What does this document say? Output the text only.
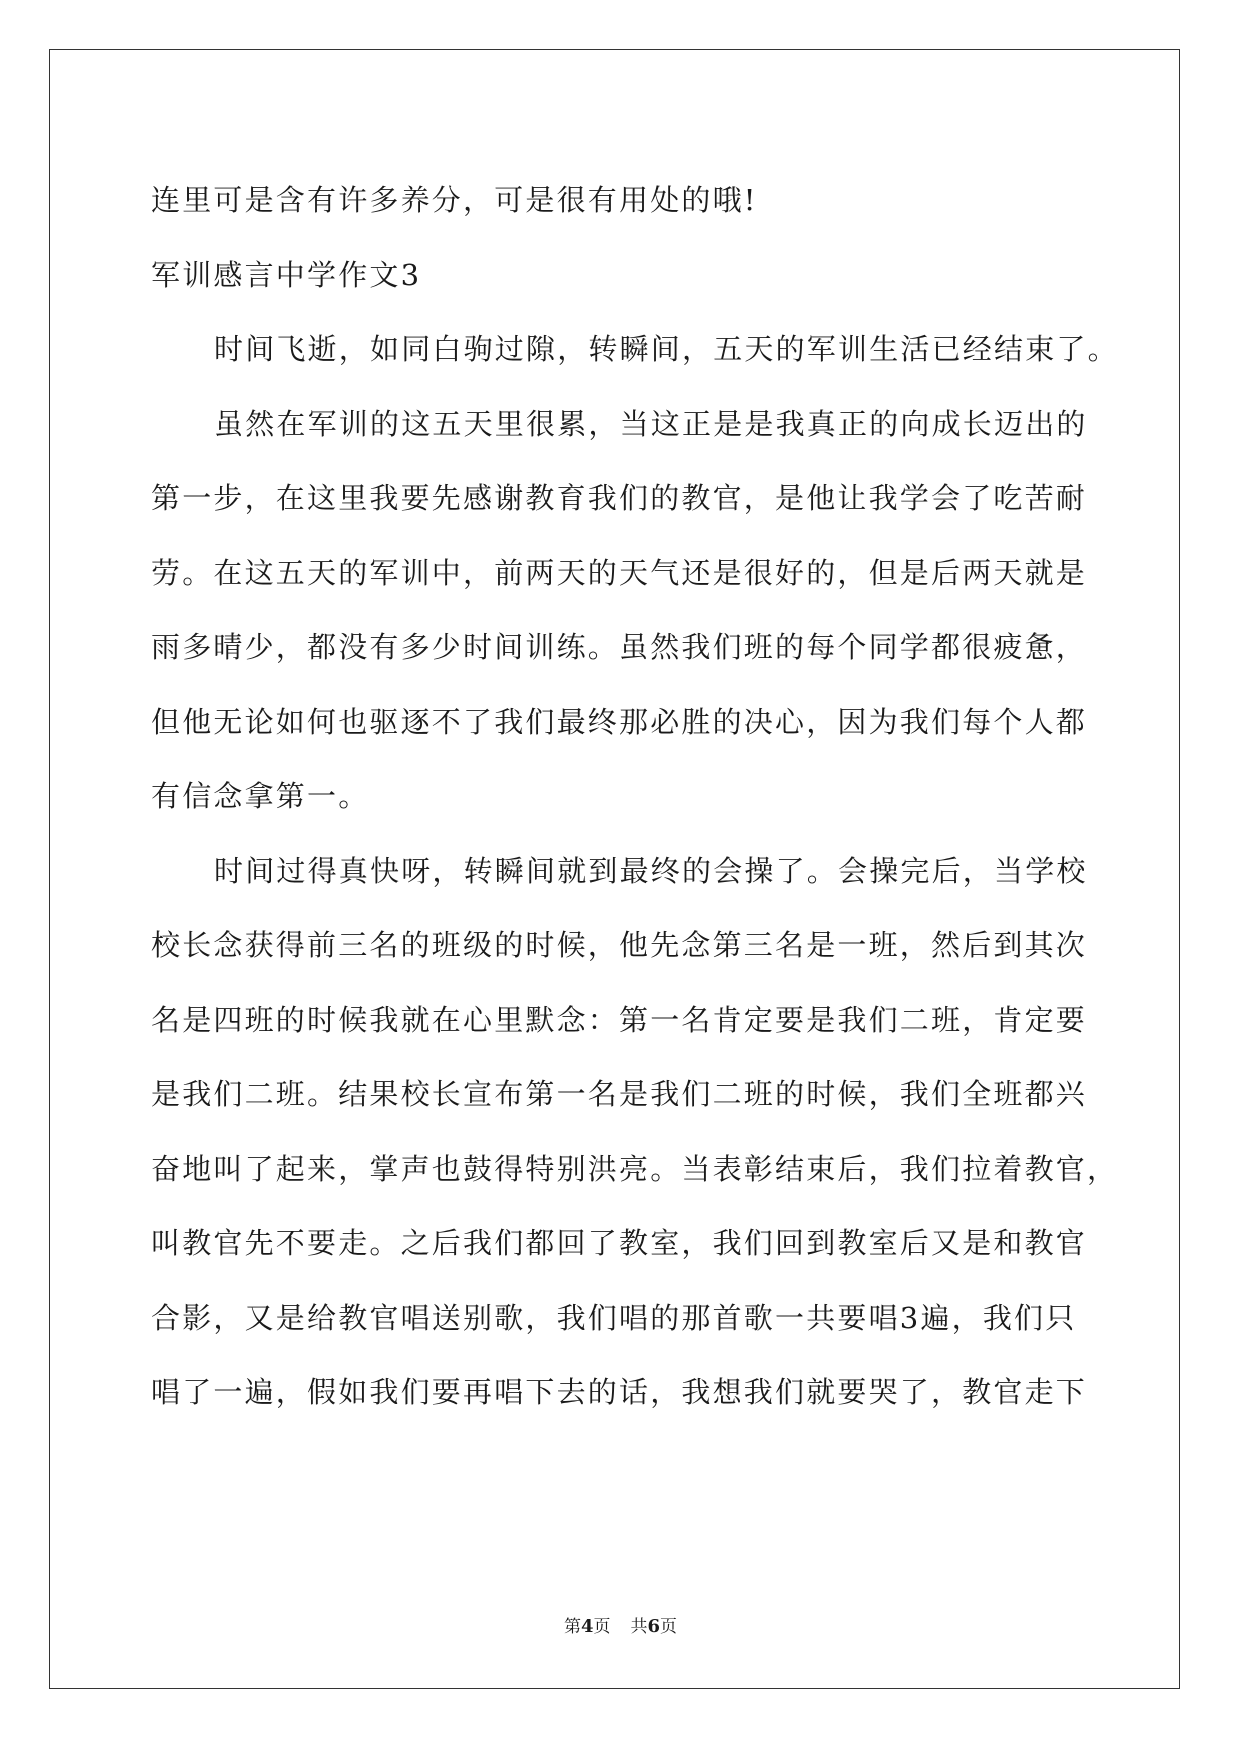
连里可是含有许多养分，可是很有用处的哦!
军训感言中学作文3
时间飞逝，如同白驹过隙，转瞬间，五天的军训生活已经结束了。
虽然在军训的这五天里很累，当这正是是我真正的向成长迈出的
第一步，在这里我要先感谢教育我们的教官，是他让我学会了吃苦耐
劳。在这五天的军训中，前两天的天气还是很好的，但是后两天就是
雨多晴少，都没有多少时间训练。虽然我们班的每个同学都很疲惫，
但他无论如何也驱逐不了我们最终那必胜的决心，因为我们每个人都
有信念拿第一。
时间过得真快呀，转瞬间就到最终的会操了。会操完后，当学校
校长念获得前三名的班级的时候，他先念第三名是一班，然后到其次
名是四班的时候我就在心里默念：第一名肯定要是我们二班，肯定要
是我们二班。结果校长宣布第一名是我们二班的时候，我们全班都兴
奋地叫了起来，掌声也鼓得特别洪亮。当表彰结束后，我们拉着教官，
叫教官先不要走。之后我们都回了教室，我们回到教室后又是和教官
合影，又是给教官唱送别歌，我们唱的那首歌一共要唱3遍，我们只
唱了一遍，假如我们要再唱下去的话，我想我们就要哭了，教官走下
第4页 共6页
